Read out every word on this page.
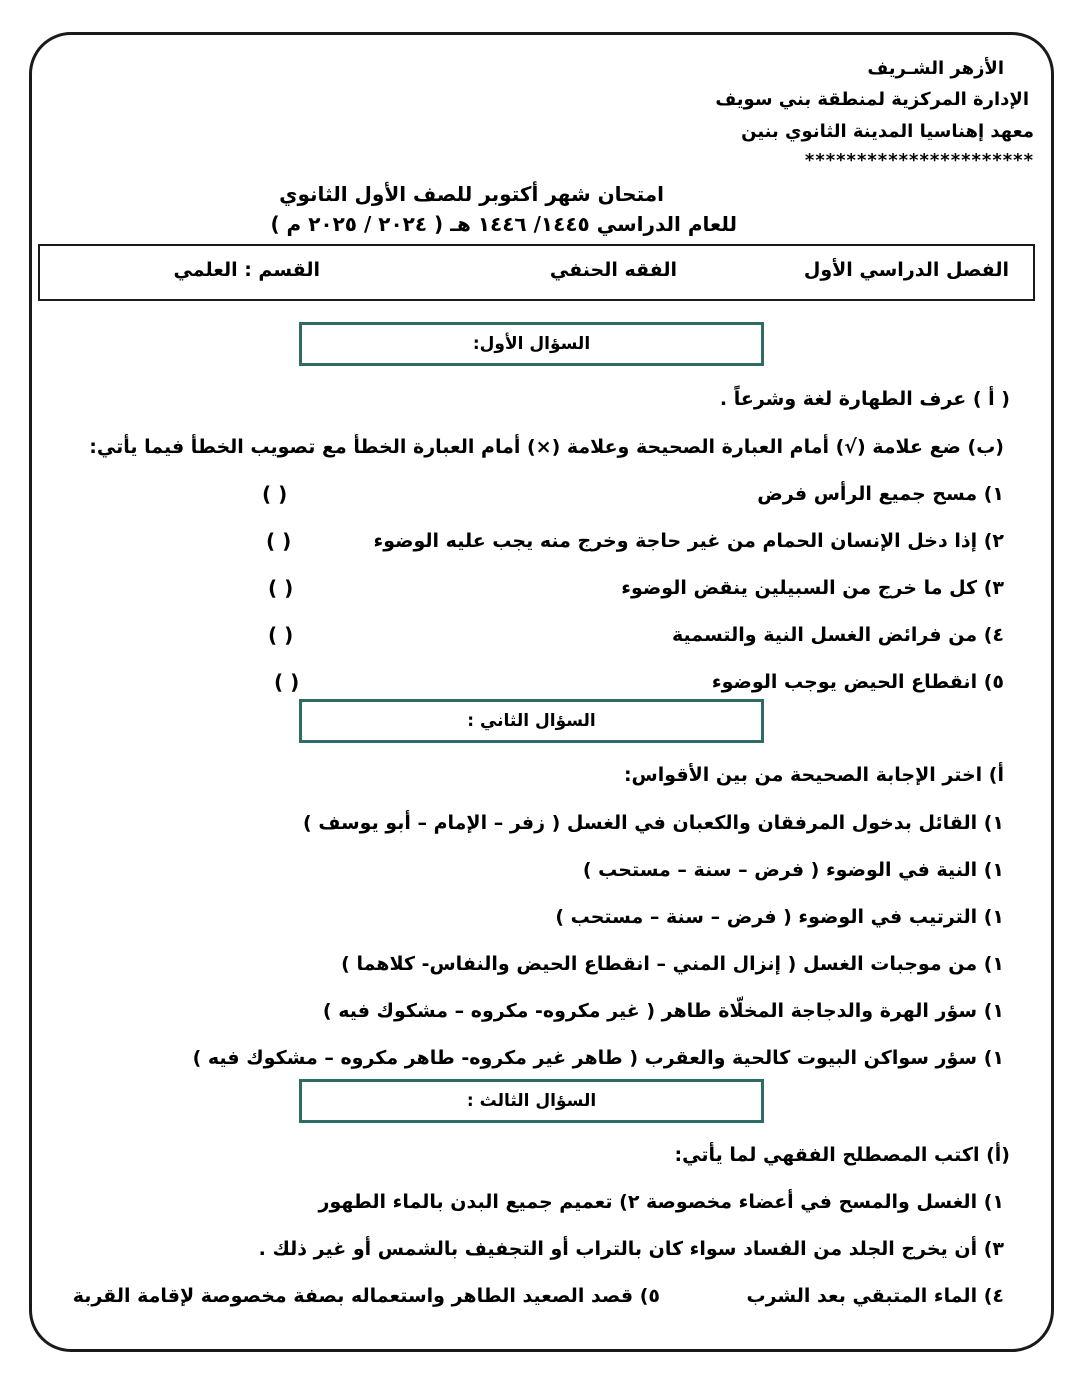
الأزهر الشـريف
الإدارة المركزية لمنطقة بني سويف
معهد إهناسيا المدينة الثانوي بنين
**********************
امتحان شهر أكتوبر للصف الأول الثانوي
للعام الدراسي ١٤٤٥/ ١٤٤٦ هـ ( ٢٠٢٤ / ٢٠٢٥ م )
الفصل الدراسي الأول
الفقه الحنفي
القسم : العلمي
السؤال الأول:
( أ ) عرف الطهارة لغة وشرعاً .
(ب) ضع علامة (√) أمام العبارة الصحيحة وعلامة (×) أمام العبارة الخطأ مع تصويب الخطأ فيما يأتي:
١) مسح جميع الرأس فرض
( )
٢) إذا دخل الإنسان الحمام من غير حاجة وخرج منه يجب عليه الوضوء
( )
٣) كل ما خرج من السبيلين ينقض الوضوء
( )
٤) من فرائض الغسل النية والتسمية
( )
٥) انقطاع الحيض يوجب الوضوء
( )
السؤال الثاني :
أ) اختر الإجابة الصحيحة من بين الأقواس:
١) القائل بدخول المرفقان والكعبان في الغسل ( زفر – الإمام – أبو يوسف )
١) النية في الوضوء ( فرض – سنة – مستحب )
١) الترتيب في الوضوء ( فرض – سنة – مستحب )
١) من موجبات الغسل ( إنزال المني – انقطاع الحيض والنفاس- كلاهما )
١) سؤر الهرة والدجاجة المخلّاة طاهر ( غير مكروه- مكروه – مشكوك فيه )
١) سؤر سواكن البيوت كالحية والعقرب ( طاهر غير مكروه- طاهر مكروه – مشكوك فيه )
السؤال الثالث :
(أ) اكتب المصطلح الفقهي لما يأتي:
١) الغسل والمسح في أعضاء مخصوصة ٢) تعميم جميع البدن بالماء الطهور
٣) أن يخرج الجلد من الفساد سواء كان بالتراب أو التجفيف بالشمس أو غير ذلك .
٤) الماء المتبقي بعد الشرب
٥) قصد الصعيد الطاهر واستعماله بصفة مخصوصة لإقامة القربة
